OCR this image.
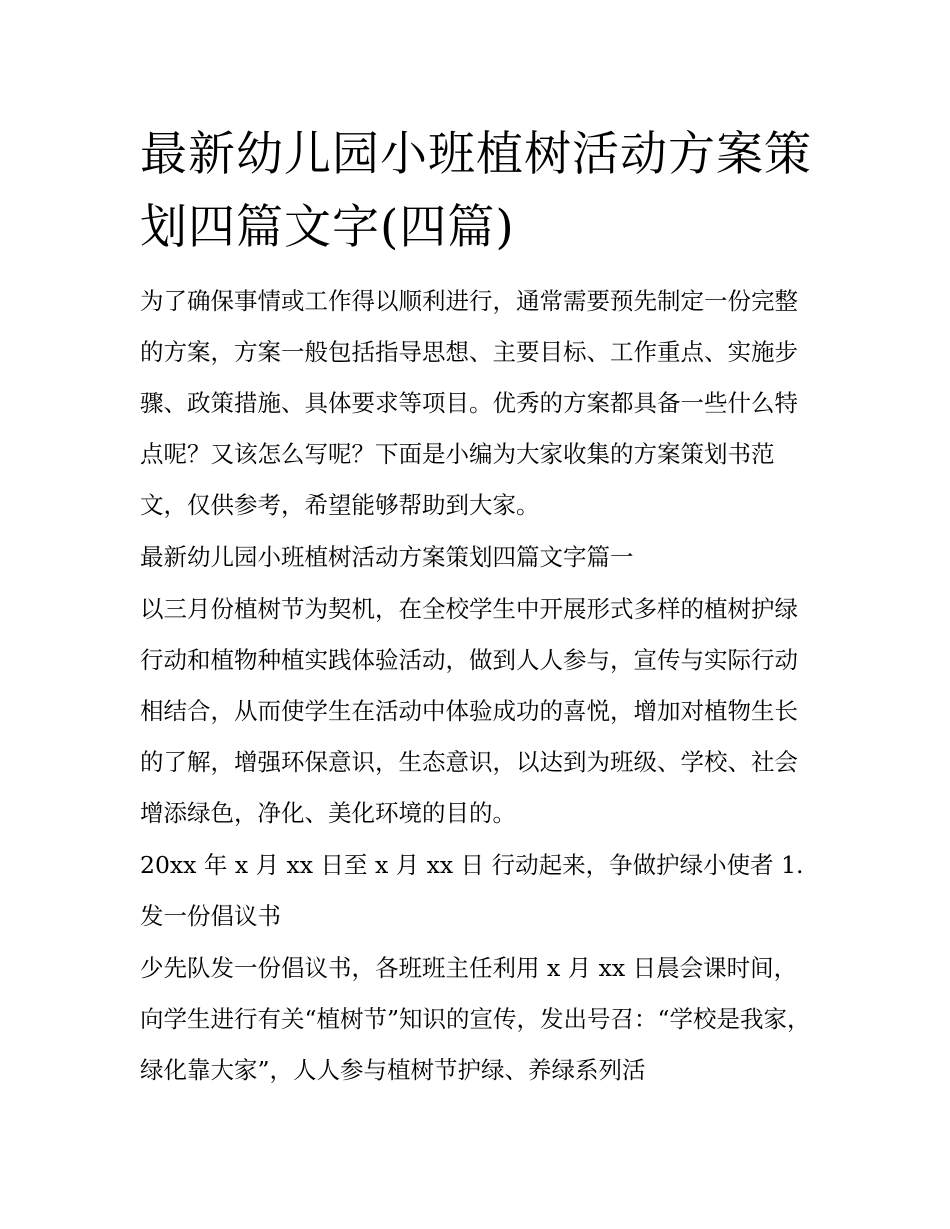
最新幼儿园小班植树活动方案策划四篇文字(四篇)

为了确保事情或工作得以顺利进行，通常需要预先制定一份完整的方案，方案一般包括指导思想、主要目标、工作重点、实施步骤、政策措施、具体要求等项目。优秀的方案都具备一些什么特点呢？又该怎么写呢？下面是小编为大家收集的方案策划书范文，仅供参考，希望能够帮助到大家。

最新幼儿园小班植树活动方案策划四篇文字篇一

以三月份植树节为契机，在全校学生中开展形式多样的植树护绿行动和植物种植实践体验活动，做到人人参与，宣传与实际行动相结合，从而使学生在活动中体验成功的喜悦，增加对植物生长的了解，增强环保意识，生态意识，以达到为班级、学校、社会增添绿色，净化、美化环境的目的。

20xx 年 x 月 xx 日至 x 月 xx 日 行动起来，争做护绿小使者 1.发一份倡议书

少先队发一份倡议书，各班班主任利用 x 月 xx 日晨会课时间，向学生进行有关“植树节”知识的宣传，发出号召：“学校是我家，绿化靠大家”，人人参与植树节护绿、养绿系列活
